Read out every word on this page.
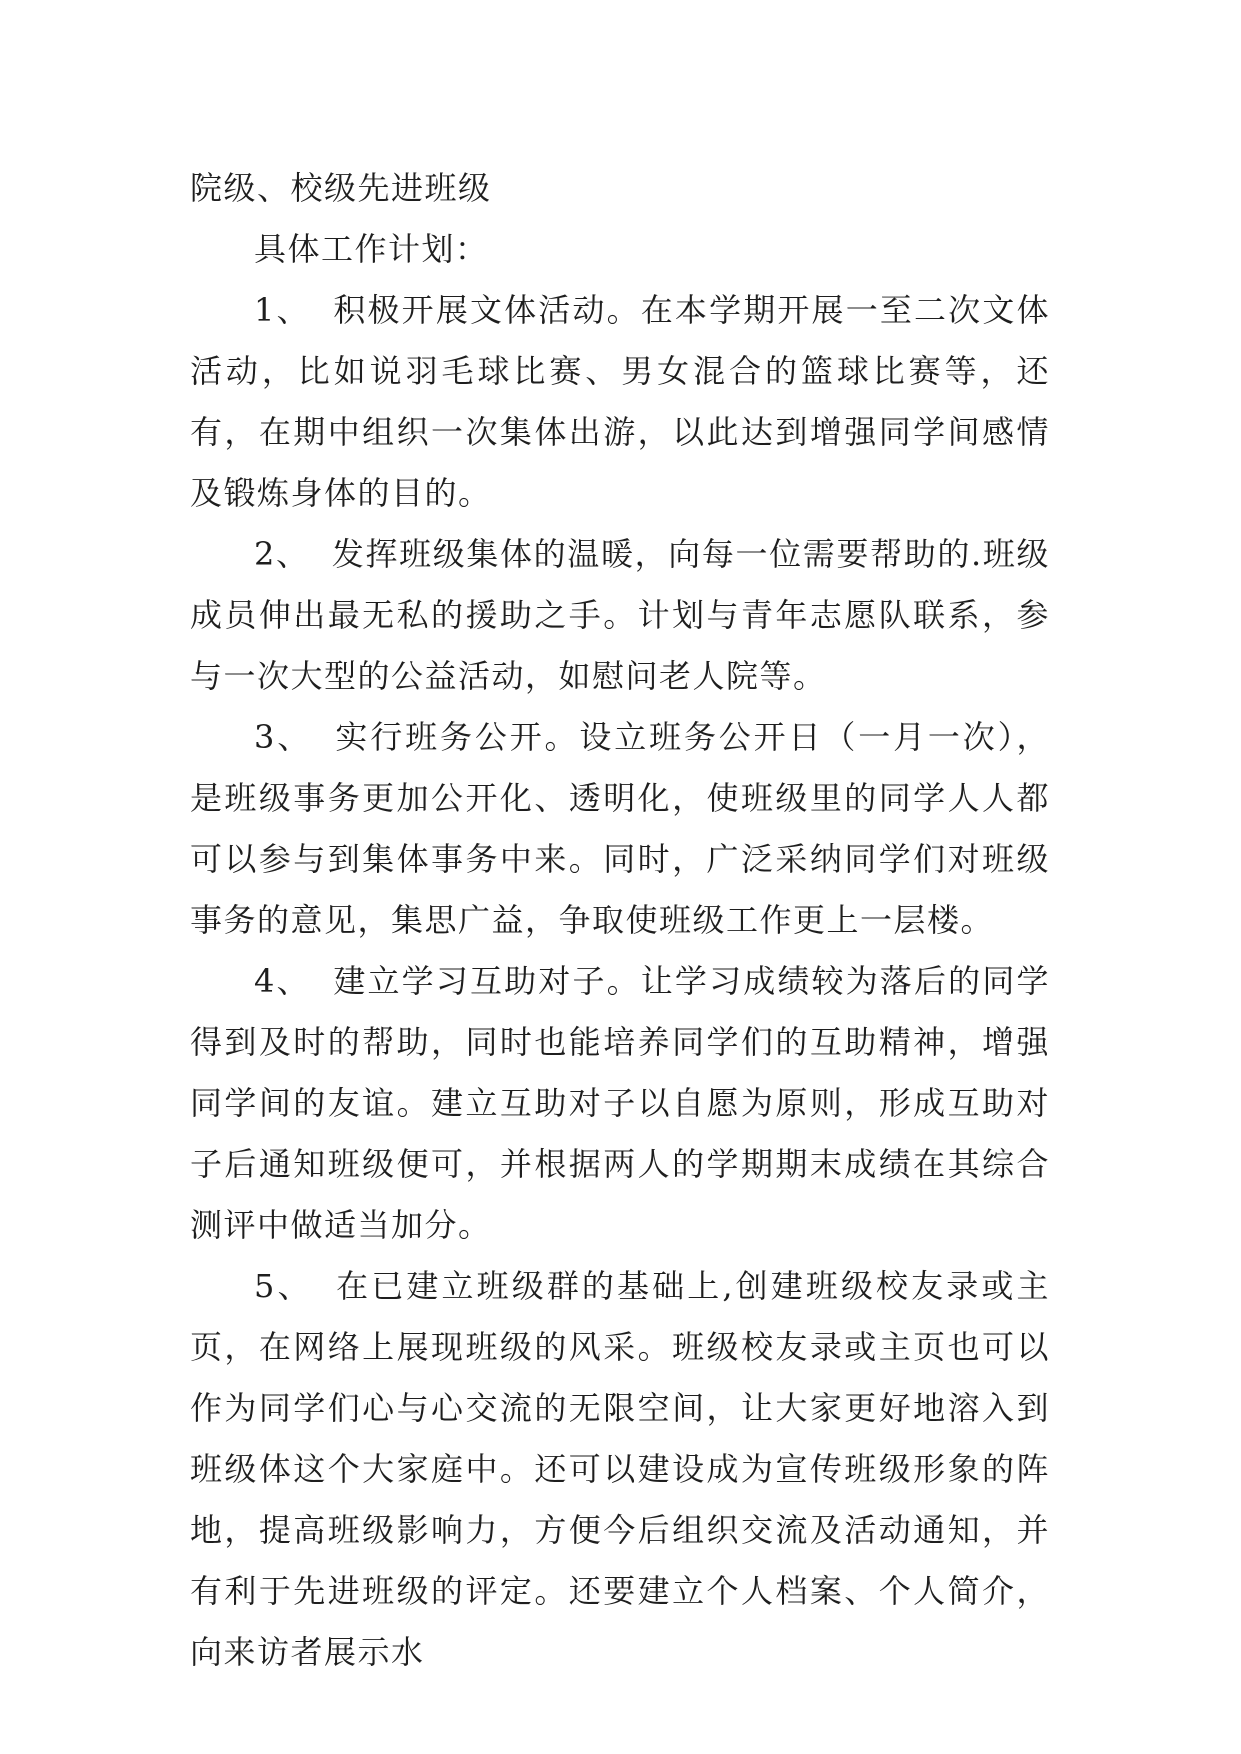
院级、校级先进班级

具体工作计划：

1、 积极开展文体活动。在本学期开展一至二次文体活动，比如说羽毛球比赛、男女混合的篮球比赛等，还有，在期中组织一次集体出游，以此达到增强同学间感情及锻炼身体的目的。

2、 发挥班级集体的温暖，向每一位需要帮助的.班级成员伸出最无私的援助之手。计划与青年志愿队联系，参与一次大型的公益活动，如慰问老人院等。

3、 实行班务公开。设立班务公开日（一月一次），是班级事务更加公开化、透明化，使班级里的同学人人都可以参与到集体事务中来。同时，广泛采纳同学们对班级事务的意见，集思广益，争取使班级工作更上一层楼。

4、 建立学习互助对子。让学习成绩较为落后的同学得到及时的帮助，同时也能培养同学们的互助精神，增强同学间的友谊。建立互助对子以自愿为原则，形成互助对子后通知班级便可，并根据两人的学期期末成绩在其综合测评中做适当加分。

5、 在已建立班级群的基础上,创建班级校友录或主页，在网络上展现班级的风采。班级校友录或主页也可以作为同学们心与心交流的无限空间，让大家更好地溶入到班级体这个大家庭中。还可以建设成为宣传班级形象的阵地，提高班级影响力，方便今后组织交流及活动通知，并有利于先进班级的评定。还要建立个人档案、个人简介，向来访者展示水
